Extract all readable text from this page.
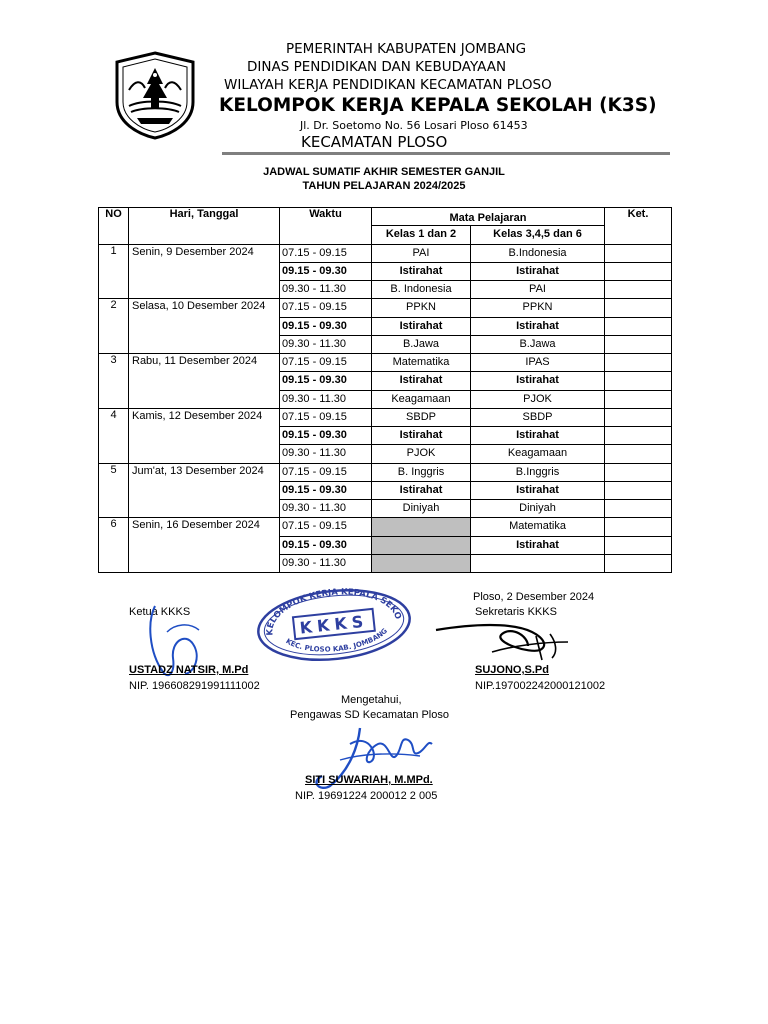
PEMERINTAH KABUPATEN JOMBANG
DINAS PENDIDIKAN DAN KEBUDAYAAN
WILAYAH KERJA PENDIDIKAN KECAMATAN PLOSO
KELOMPOK KERJA KEPALA SEKOLAH (K3S)
Jl. Dr. Soetomo No. 56 Losari Ploso 61453
KECAMATAN PLOSO
JADWAL SUMATIF AKHIR SEMESTER GANJIL
TAHUN PELAJARAN 2024/2025
NO	Hari, Tanggal	Waktu	Mata Pelajaran		Ket.
			Kelas 1 dan 2	Kelas 3,4,5 dan 6	
1	Senin, 9 Desember 2024	07.15 - 09.15	PAI	B.Indonesia	
		09.15 - 09.30	Istirahat	Istirahat	
		09.30 - 11.30	B. Indonesia	PAI	
2	Selasa, 10 Desember 2024	07.15 - 09.15	PPKN	PPKN	
		09.15 - 09.30	Istirahat	Istirahat	
		09.30 - 11.30	B.Jawa	B.Jawa	
3	Rabu, 11 Desember 2024	07.15 - 09.15	Matematika	IPAS	
		09.15 - 09.30	Istirahat	Istirahat	
		09.30 - 11.30	Keagamaan	PJOK	
4	Kamis, 12 Desember 2024	07.15 - 09.15	SBDP	SBDP	
		09.15 - 09.30	Istirahat	Istirahat	
		09.30 - 11.30	PJOK	Keagamaan	
5	Jum'at, 13 Desember 2024	07.15 - 09.15	B. Inggris	B.Inggris	
		09.15 - 09.30	Istirahat	Istirahat	
		09.30 - 11.30	Diniyah	Diniyah	
6	Senin, 16 Desember 2024	07.15 - 09.15		Matematika	
		09.15 - 09.30		Istirahat	
		09.30 - 11.30			
Ploso, 2 Desember 2024
Ketua KKKS	Sekretaris KKKS
KELOMPOK KERJA KEPALA SEKOLAH
KKKS
KEC. PLOSO KAB. JOMBANG
USTADZ NATSIR, M.Pd	SUJONO,S.Pd
NIP. 196608291991111002	NIP.197002242000121002
Mengetahui,
Pengawas SD Kecamatan Ploso
SITI SUWARIAH, M.MPd.
NIP. 19691224 200012 2 005
